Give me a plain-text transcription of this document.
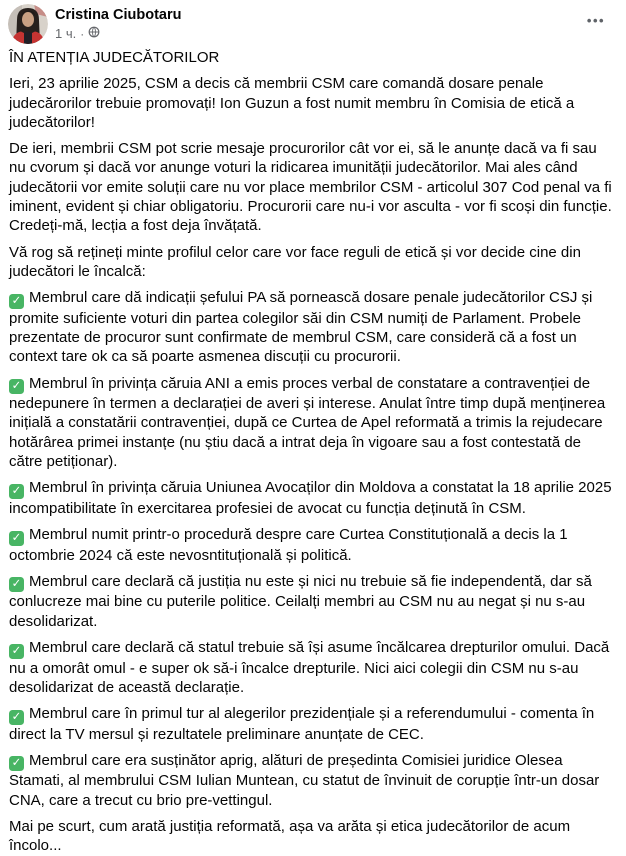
Cristina Ciubotaru
1 ч. ·
•••

ÎN ATENȚIA JUDECĂTORILOR

Ieri, 23 aprilie 2025, CSM a decis că membrii CSM care comandă dosare penale judecărorilor trebuie promovați! Ion Guzun a fost numit membru în Comisia de etică a judecătorilor!

De ieri, membrii CSM pot scrie mesaje procurorilor cât vor ei, să le anunțe dacă va fi sau nu cvorum și dacă vor anunge voturi la ridicarea imunității judecătorilor. Mai ales când judecătorii vor emite soluții care nu vor place membrilor CSM - articolul 307 Cod penal va fi iminent, evident și chiar obligatoriu. Procurorii care nu-i vor asculta - vor fi scoși din funcție. Credeți-mă, lecția a fost deja învățată.

Vă rog să rețineți minte profilul celor care vor face reguli de etică și vor decide cine din judecători le încalcă:

✓ Membrul care dă indicații șefului PA să pornească dosare penale judecătorilor CSJ și promite suficiente voturi din partea colegilor săi din CSM numiți de Parlament. Probele prezentate de procuror sunt confirmate de membrul CSM, care consideră că a fost un context tare ok ca să poarte asmenea discuții cu procurorii.

✓ Membrul în privința căruia ANI a emis proces verbal de constatare a contravenției de nedepunere în termen a declarației de averi și interese. Anulat între timp după menținerea inițială a constatării contravenției, după ce Curtea de Apel reformată a trimis la rejudecare hotărârea primei instanțe (nu știu dacă a intrat deja în vigoare sau a fost contestată de către petiționar).

✓ Membrul în privința căruia Uniunea Avocaților din Moldova a constatat la 18 aprilie 2025 incompatibilitate în exercitarea profesiei de avocat cu funcția deținută în CSM.

✓ Membrul numit printr-o procedură despre care Curtea Constituțională a decis la 1 octombrie 2024 că este nevosntituțională și politică.

✓ Membrul care declară că justiția nu este și nici nu trebuie să fie independentă, dar să conlucreze mai bine cu puterile politice. Ceilalți membri au CSM nu au negat și nu s-au desolidarizat.

✓ Membrul care declară că statul trebuie să își asume încălcarea drepturilor omului. Dacă nu a omorât omul - e super ok să-i încalce drepturile. Nici aici colegii din CSM nu s-au desolidarizat de această declarație.

✓ Membrul care în primul tur al alegerilor prezidențiale și a referendumului - comenta în direct la TV mersul și rezultatele preliminare anunțate de CEC.

✓ Membrul care era susținător aprig, alături de președinta Comisiei juridice Olesea Stamati, al membrului CSM Iulian Muntean, cu statut de învinuit de corupție într-un dosar CNA, care a trecut cu brio pre-vettingul.

Mai pe scurt, cum arată justiția reformată, așa va arăta și etica judecătorilor de acum încolo...
